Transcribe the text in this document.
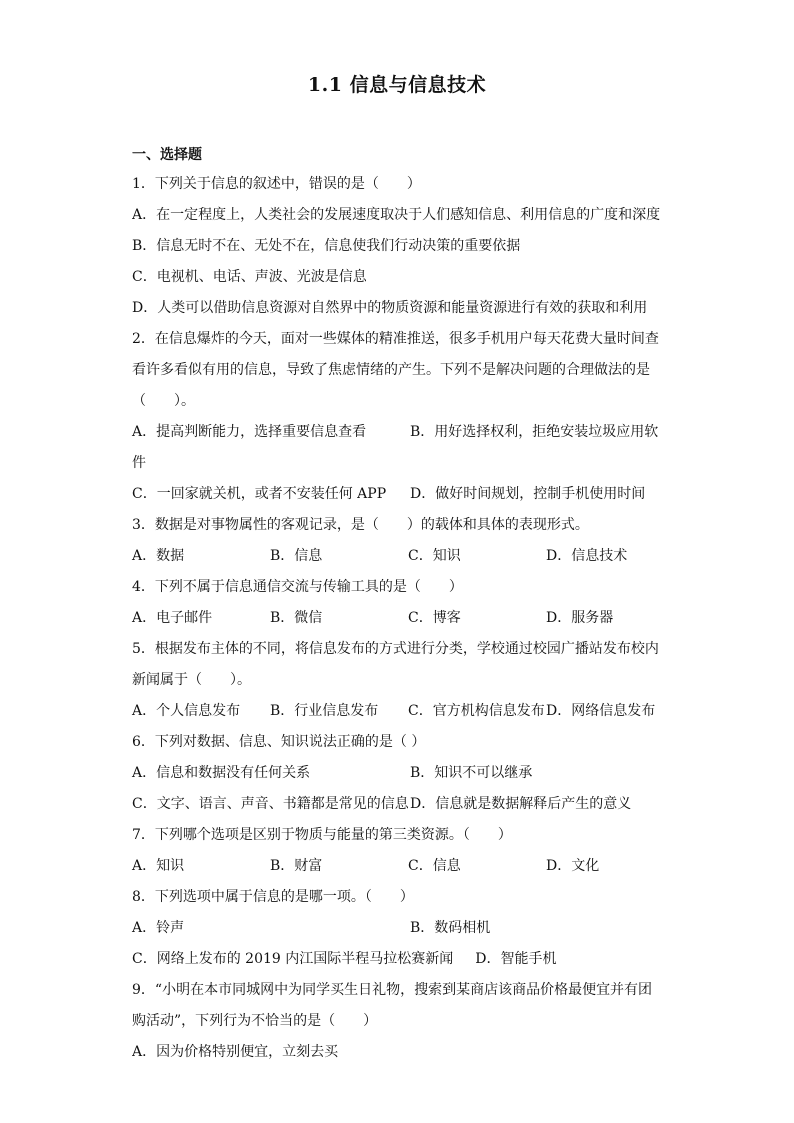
1.1 信息与信息技术
一、选择题
1．下列关于信息的叙述中，错误的是（　　）
A．在一定程度上，人类社会的发展速度取决于人们感知信息、利用信息的广度和深度
B．信息无时不在、无处不在，信息使我们行动决策的重要依据
C．电视机、电话、声波、光波是信息
D．人类可以借助信息资源对自然界中的物质资源和能量资源进行有效的获取和利用
2．在信息爆炸的今天，面对一些媒体的精准推送，很多手机用户每天花费大量时间查
看许多看似有用的信息，导致了焦虑情绪的产生。下列不是解决问题的合理做法的是
（　　）。
A．提高判断能力，选择重要信息查看	B．用好选择权利，拒绝安装垃圾应用软
件
C．一回家就关机，或者不安装任何 APP	D．做好时间规划，控制手机使用时间
3．数据是对事物属性的客观记录，是（　　）的载体和具体的表现形式。
A．数据	B．信息	C．知识	D．信息技术
4．下列不属于信息通信交流与传输工具的是（　　）
A．电子邮件	B．微信	C．博客	D．服务器
5．根据发布主体的不同，将信息发布的方式进行分类，学校通过校园广播站发布校内
新闻属于（　　）。
A．个人信息发布	B．行业信息发布	C．官方机构信息发布 D．网络信息发布
6．下列对数据、信息、知识说法正确的是（ ）
A．信息和数据没有任何关系	B．知识不可以继承
C．文字、语言、声音、书籍都是常见的信息 D．信息就是数据解释后产生的意义
7．下列哪个选项是区别于物质与能量的第三类资源。（　　）
A．知识	B．财富	C．信息	D．文化
8．下列选项中属于信息的是哪一项。（　　）
A．铃声	B．数码相机
C．网络上发布的 2019 内江国际半程马拉松赛新闻 D．智能手机
9．“小明在本市同城网中为同学买生日礼物，搜索到某商店该商品价格最便宜并有团
购活动”，下列行为不恰当的是（　　）
A．因为价格特别便宜，立刻去买
